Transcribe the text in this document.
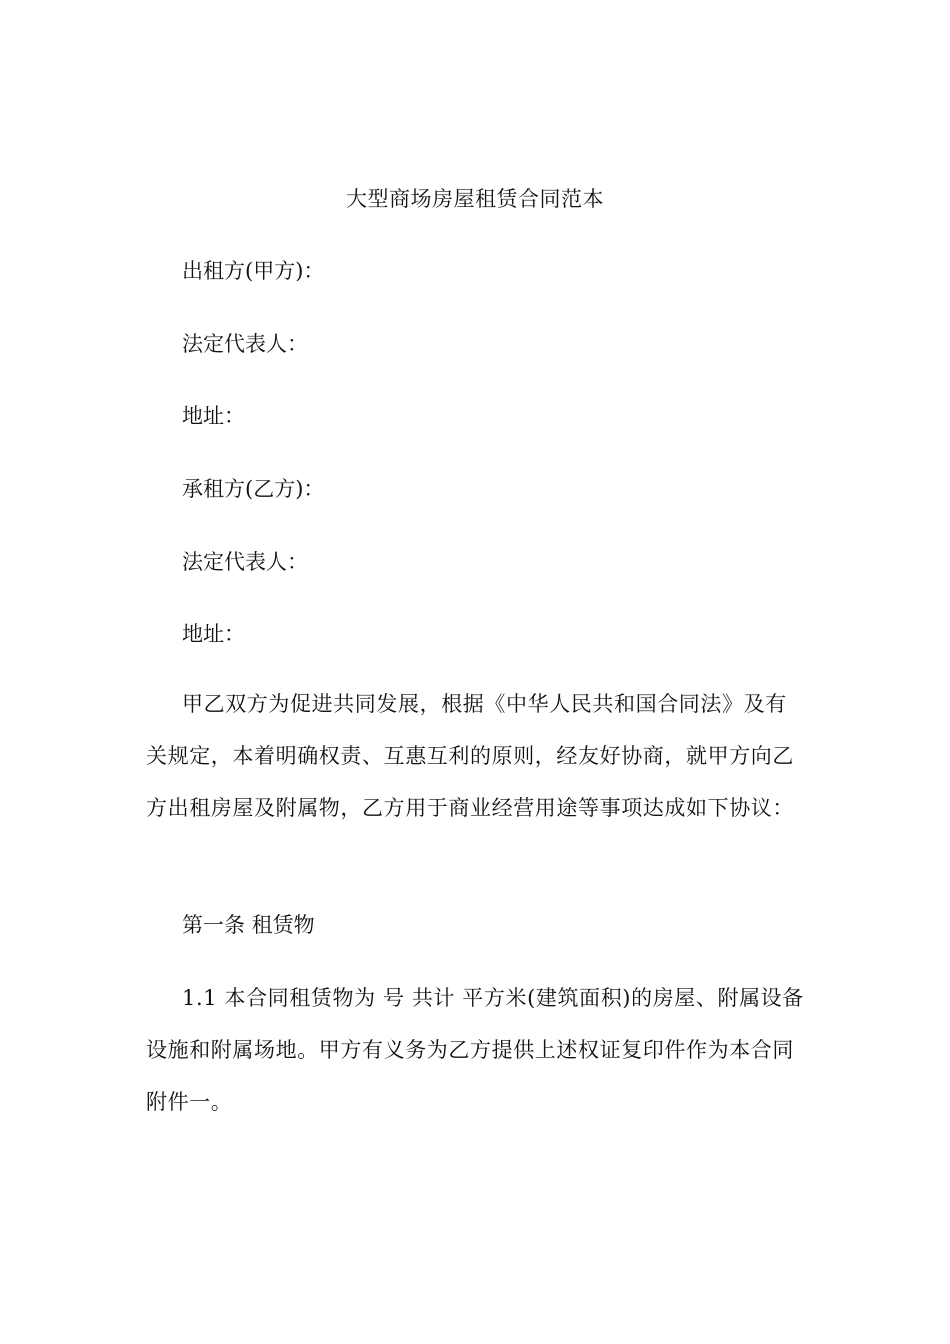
大型商场房屋租赁合同范本

出租方(甲方)：

法定代表人：

地址：

承租方(乙方)：

法定代表人：

地址：

甲乙双方为促进共同发展，根据《中华人民共和国合同法》及有关规定，本着明确权责、互惠互利的原则，经友好协商，就甲方向乙方出租房屋及附属物，乙方用于商业经营用途等事项达成如下协议：

第一条 租赁物

1.1 本合同租赁物为 号 共计 平方米(建筑面积)的房屋、附属设备设施和附属场地。甲方有义务为乙方提供上述权证复印件作为本合同附件一。
